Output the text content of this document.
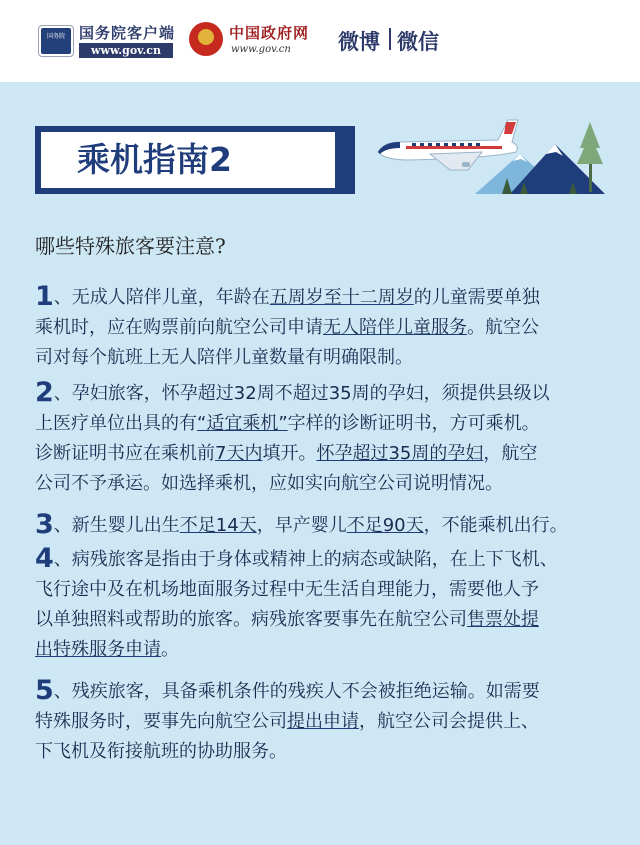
国务院 国务院客户端
www.gov.cn
中国政府网
www.gov.cn 微博 微信
乘机指南2
哪些特殊旅客要注意?
1、无成人陪伴儿童，年龄在五周岁至十二周岁的儿童需要单独
乘机时，应在购票前向航空公司申请无人陪伴儿童服务。航空公
司对每个航班上无人陪伴儿童数量有明确限制。
2、孕妇旅客，怀孕超过32周不超过35周的孕妇，须提供县级以
上医疗单位出具的有“适宜乘机”字样的诊断证明书，方可乘机。
诊断证明书应在乘机前7天内填开。怀孕超过35周的孕妇，航空
公司不予承运。如选择乘机，应如实向航空公司说明情况。
3、新生婴儿出生不足14天，早产婴儿不足90天，不能乘机出行。
4、病残旅客是指由于身体或精神上的病态或缺陷，在上下飞机、
飞行途中及在机场地面服务过程中无生活自理能力，需要他人予
以单独照料或帮助的旅客。病残旅客要事先在航空公司售票处提
出特殊服务申请。
5、残疾旅客，具备乘机条件的残疾人不会被拒绝运输。如需要
特殊服务时，要事先向航空公司提出申请，航空公司会提供上、
下飞机及衔接航班的协助服务。
